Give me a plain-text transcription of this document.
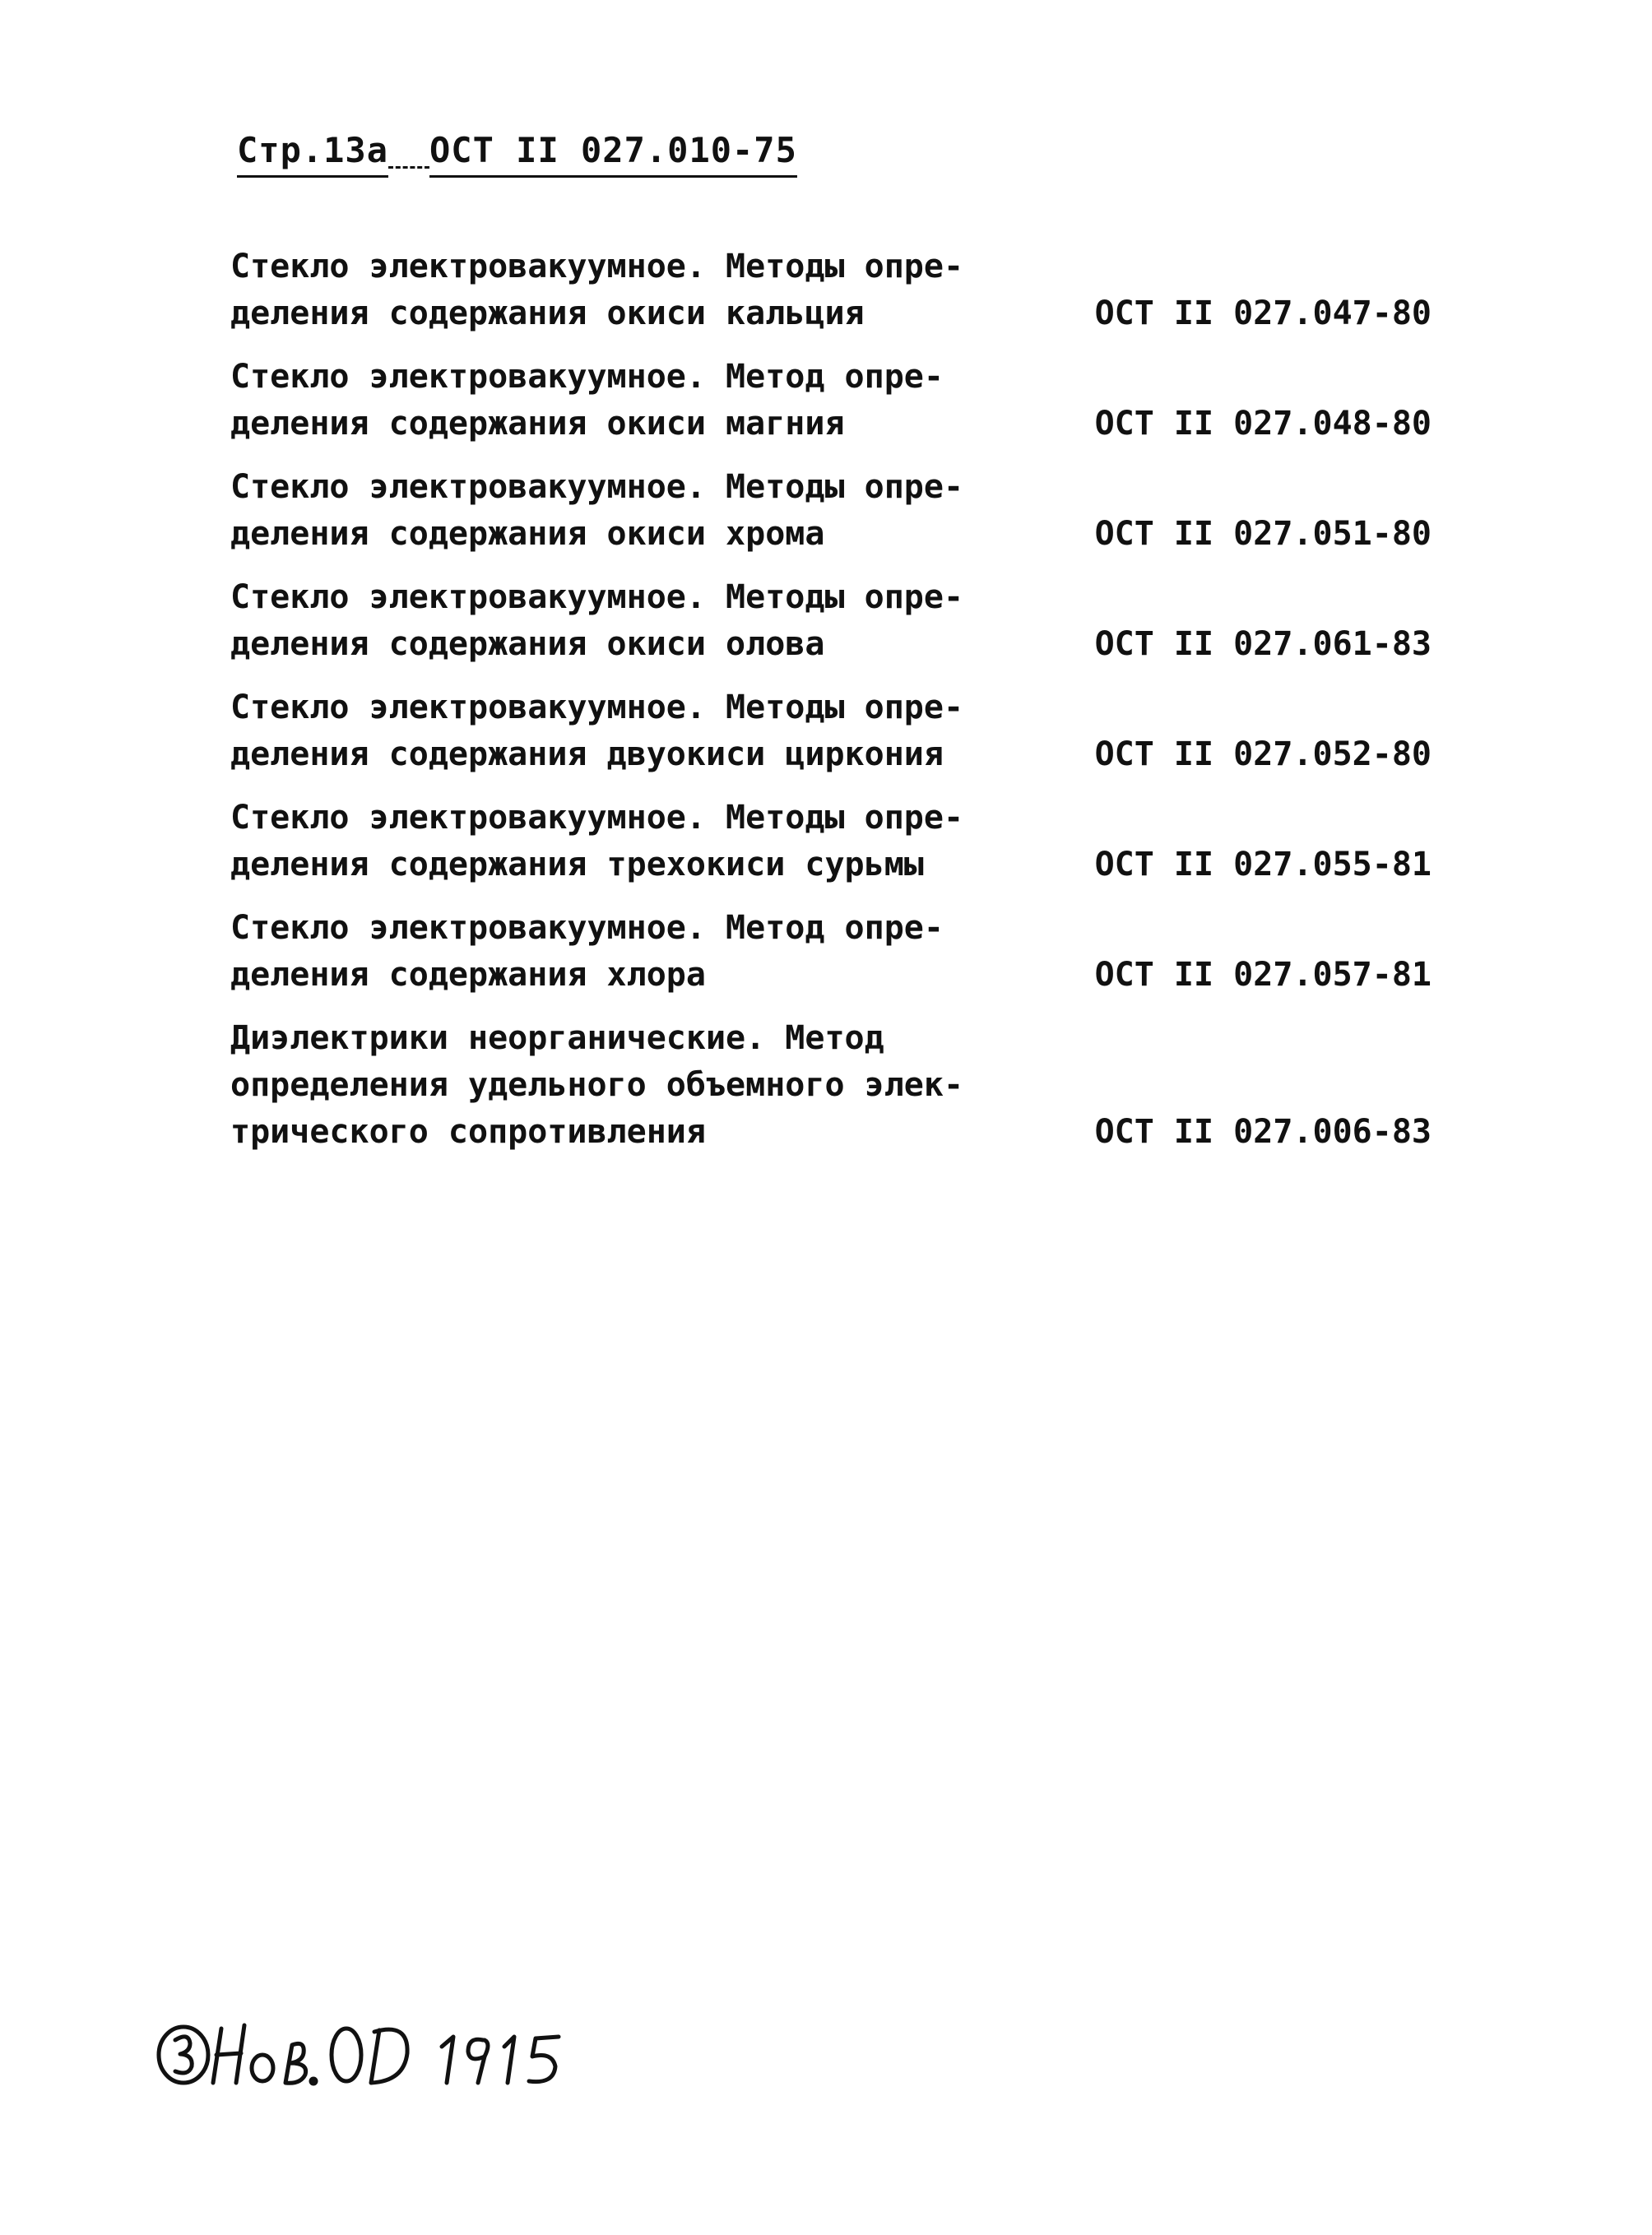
Стр.13а ОСТ II 027.010-75
Стекло электровакуумное. Методы опре-
деления содержания окиси кальция	ОСТ II 027.047-80
Стекло электровакуумное. Метод опре-
деления содержания окиси магния	ОСТ II 027.048-80
Стекло электровакуумное. Методы опре-
деления содержания окиси хрома	ОСТ II 027.051-80
Стекло электровакуумное. Методы опре-
деления содержания окиси олова	ОСТ II 027.061-83
Стекло электровакуумное. Методы опре-
деления содержания двуокиси циркония	ОСТ II 027.052-80
Стекло электровакуумное. Методы опре-
деления содержания трехокиси сурьмы	ОСТ II 027.055-81
Стекло электровакуумное. Метод опре-
деления содержания хлора	ОСТ II 027.057-81
Диэлектрики неорганические. Метод
определения удельного объемного элек-
трического сопротивления	ОСТ II 027.006-83
